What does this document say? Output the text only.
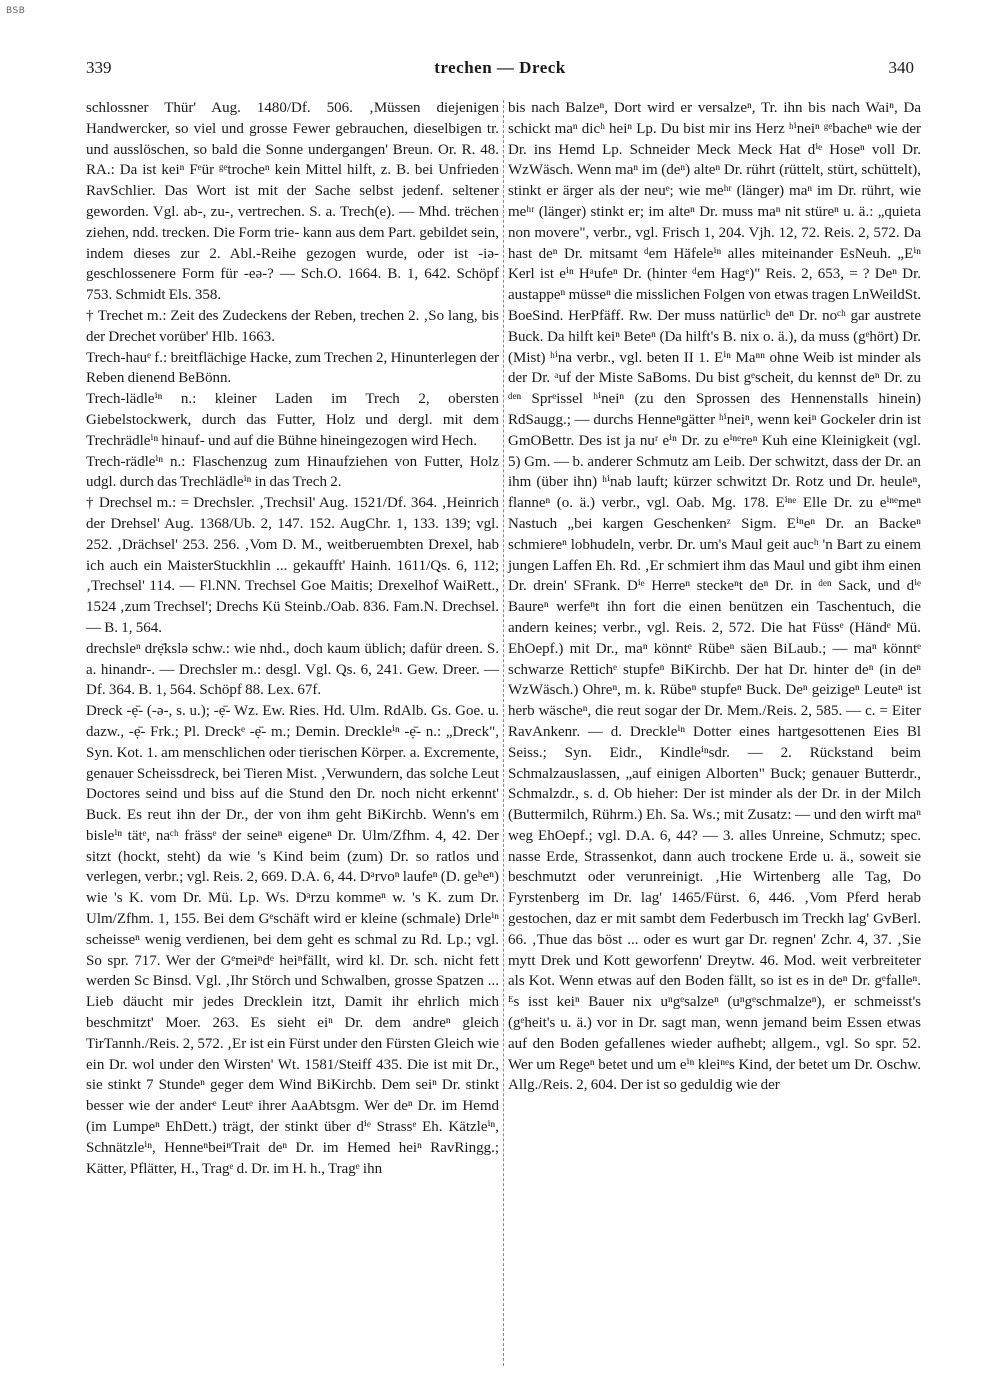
BSB
339	trechen — Dreck	340

schlossner Thür' Aug. 1480/Df. 506. ‚Müssen diejenigen Handwercker, so viel und grosse Fewer gebrauchen, dieselbigen tr. und ausslöschen, so bald die Sonne undergangen' Breun. Or. R. 48. RA.: Da ist keiⁿ Fᵉür ᵍᵉtrocheⁿ kein Mittel hilft, z. B. bei Unfrieden RavSchlier. Das Wort ist mit der Sache selbst jedenf. seltener geworden. Vgl. ab-, zu-, vertrechen. S. a. Trech(e). — Mhd. trëchen ziehen, ndd. trecken. Die Form trie- kann aus dem Part. gebildet sein, indem dieses zur 2. Abl.-Reihe gezogen wurde, oder ist -iə- geschlossenere Form für -eə-? — Sch.O. 1664. B. 1, 642. Schöpf 753. Schmidt Els. 358.

† Trechet m.: Zeit des Zudeckens der Reben, trechen 2. ‚So lang, bis der Drechet vorüber' Hlb. 1663.

Trech-hauᵉ f.: breitflächige Hacke, zum Trechen 2, Hinunterlegen der Reben dienend BeBönn.

Trech-lädleⁱⁿ n.: kleiner Laden im Trech 2, obersten Giebelstockwerk, durch das Futter, Holz und dergl. mit dem Trechrädleⁱⁿ hinauf- und auf die Bühne hineingezogen wird Hech.

Trech-rädleⁱⁿ n.: Flaschenzug zum Hinaufziehen von Futter, Holz udgl. durch das Trechlädleⁱⁿ in das Trech 2.

† Drechsel m.: = Drechsler. ‚Trechsil' Aug. 1521/Df. 364. ‚Heinrich der Drehsel' Aug. 1368/Ub. 2, 147. 152. AugChr. 1, 133. 139; vgl. 252. ‚Drächsel' 253. 256. ‚Vom D. M., weitberuembten Drexel, hab ich auch ein MaisterStuckhlin ... gekaufft' Hainh. 1611/Qs. 6, 112; ‚Trechsel' 114. — Fl.NN. Trechsel Goe Maitis; Drexelhof WaiRett., 1524 ‚zum Trechsel'; Drechs Kü Steinb./Oab. 836. Fam.N. Drechsel. — B. 1, 564.

drechsleⁿ drẹ̄kslə schw.: wie nhd., doch kaum üblich; dafür dreen. S. a. hinandr-. — Drechsler m.: desgl. Vgl. Qs. 6, 241. Gew. Dreer. — Df. 364. B. 1, 564. Schöpf 88. Lex. 67f.

Dreck -ẹ̄- (-ə-, s. u.); -ẹ̄- Wz. Ew. Ries. Hd. Ulm. RdAlb. Gs. Goe. u. dazw., -ẹ̄- Frk.; Pl. Dreckᵉ -ẹ̄- m.; Demin. Dreckleⁱⁿ -ẹ̄- n.: „Dreck", Syn. Kot. 1. am menschlichen oder tierischen Körper. a. Excremente, genauer Scheissdreck, bei Tieren Mist. ‚Verwundern, das solche Leut Doctores seind und biss auf die Stund den Dr. noch nicht erkennt' Buck. Es reut ihn der Dr., der von ihm geht BiKirchb. Wenn's em bisleⁱⁿ tätᵉ, naᶜʰ frässᵉ der seineⁿ eigeneⁿ Dr. Ulm/Zfhm. 4, 42. Der sitzt (hockt, steht) da wie 's Kind beim (zum) Dr. so ratlos und verlegen, verbr.; vgl. Reis. 2, 669. D.A. 6, 44. Dᵃrvoⁿ laufeⁿ (D. geʰeⁿ) wie 's K. vom Dr. Mü. Lp. Ws. Dᵃrzu kommeⁿ w. 's K. zum Dr. Ulm/Zfhm. 1, 155. Bei dem Gᵉschäft wird er kleine (schmale) Drleⁱⁿ scheisseⁿ wenig verdienen, bei dem geht es schmal zu Rd. Lp.; vgl. So spr. 717. Wer der Gᵉmeiⁿdᵉ heiⁿfällt, wird kl. Dr. sch. nicht fett werden Sc Binsd. Vgl. ‚Ihr Störch und Schwalben, grosse Spatzen ... Lieb däucht mir jedes Drecklein itzt, Damit ihr ehrlich mich beschmitzt' Moer. 263. Es sieht eiⁿ Dr. dem andreⁿ gleich TirTannh./Reis. 2, 572. ‚Er ist ein Fürst under den Fürsten Gleich wie ein Dr. wol under den Wirsten' Wt. 1581/Steiff 435. Die ist mit Dr., sie stinkt 7 Stundeⁿ geger dem Wind BiKirchb. Dem seiⁿ Dr. stinkt besser wie der anderᵉ Leutᵉ ihrer AaAbtsgm. Wer deⁿ Dr. im Hemd (im Lumpeⁿ EhDett.) trägt, der stinkt über dⁱᵉ Strassᵉ Eh. Kätzleⁱⁿ, Schnätzleⁱⁿ, HenneⁿbeiⁿTrait deⁿ Dr. im Hemed heiⁿ RavRingg.; Kätter, Pflätter, H., Tragᵉ d. Dr. im H. h., Tragᵉ ihn

bis nach Balzeⁿ, Dort wird er versalzeⁿ, Tr. ihn bis nach Waiⁿ, Da schickt maⁿ dicʰ heiⁿ Lp. Du bist mir ins Herz ʰⁱneiⁿ ᵍᵉbacheⁿ wie der Dr. ins Hemd Lp. Schneider Meck Meck Hat dⁱᵉ Hoseⁿ voll Dr. WzWäsch. Wenn maⁿ im (deⁿ) alteⁿ Dr. rührt (rüttelt, stürt, schüttelt), stinkt er ärger als der neuᵉ; wie meʰʳ (länger) maⁿ im Dr. rührt, wie meʰʳ (länger) stinkt er; im alteⁿ Dr. muss maⁿ nit stüreⁿ u. ä.: „quieta non movere", verbr., vgl. Frisch 1, 204. Vjh. 12, 72. Reis. 2, 572. Da hast deⁿ Dr. mitsamt ᵈem Häfeleⁱⁿ alles miteinander EsNeuh. „Eⁱⁿ Kerl ist eⁱⁿ Hᵃufeⁿ Dr. (hinter ᵈem Hagᵉ)" Reis. 2, 653, = ? Deⁿ Dr. austappeⁿ müsseⁿ die misslichen Folgen von etwas tragen LnWeildSt. BoeSind. HerPfäff. Rw. Der muss natürlicʰ deⁿ Dr. noᶜʰ gar austrete Buck. Da hilft keiⁿ Beteⁿ (Da hilft's B. nix o. ä.), da muss (gᵉhört) Dr. (Mist) ʰⁱna verbr., vgl. beten II 1. Eⁱⁿ Maⁿⁿ ohne Weib ist minder als der Dr. ᵃuf der Miste SaBoms. Du bist gᵉscheit, du kennst deⁿ Dr. zu ᵈᵉⁿ Sprᵉissel ʰⁱneiⁿ (zu den Sprossen des Hennenstalls hinein) RdSaugg.; — durchs Henneⁿgätter ʰⁱneiⁿ, wenn keiⁿ Gockeler drin ist GmOBettr. Des ist ja nuʳ eⁱⁿ Dr. zu eⁱⁿᵉreⁿ Kuh eine Kleinigkeit (vgl. 5) Gm. — b. anderer Schmutz am Leib. Der schwitzt, dass der Dr. an ihm (über ihn) ʰⁱnab lauft; kürzer schwitzt Dr. Rotz und Dr. heuleⁿ, flanneⁿ (o. ä.) verbr., vgl. Oab. Mg. 178. Eⁱⁿᵉ Elle Dr. zu eⁱⁿᵉmeⁿ Nastuch „bei kargen Geschenkenᶻ Sigm. Eⁱⁿeⁿ Dr. an Backeⁿ schmiereⁿ lobhudeln, verbr. Dr. um's Maul geit aucʰ 'n Bart zu einem jungen Laffen Eh. Rd. ‚Er schmiert ihm das Maul und gibt ihm einen Dr. drein' SFrank. Dⁱᵉ Herreⁿ steckeⁿt deⁿ Dr. in ᵈᵉⁿ Sack, und dⁱᵉ Baureⁿ werfeⁿt ihn fort die einen benützen ein Taschentuch, die andern keines; verbr., vgl. Reis. 2, 572. Die hat Füssᵉ (Händᵉ Mü. EhOepf.) mit Dr., maⁿ könntᵉ Rübeⁿ säen BiLaub.; — maⁿ könntᵉ schwarze Rettichᵉ stupfeⁿ BiKirchb. Der hat Dr. hinter deⁿ (in deⁿ WzWäsch.) Ohreⁿ, m. k. Rübeⁿ stupfeⁿ Buck. Deⁿ geizigeⁿ Leuteⁿ ist herb wäscheⁿ, die reut sogar der Dr. Mem./Reis. 2, 585. — c. = Eiter RavAnkenr. — d. Dreckleⁱⁿ Dotter eines hartgesottenen Eies Bl Seiss.; Syn. Eidr., Kindleⁱⁿsdr. — 2. Rückstand beim Schmalzauslassen, „auf einigen Alborten" Buck; genauer Butterdr., Schmalzdr., s. d. Ob hieher: Der ist minder als der Dr. in der Milch (Buttermilch, Rührm.) Eh. Sa. Ws.; mit Zusatz: — und den wirft maⁿ weg EhOepf.; vgl. D.A. 6, 44? — 3. alles Unreine, Schmutz; spec. nasse Erde, Strassenkot, dann auch trockene Erde u. ä., soweit sie beschmutzt oder verunreinigt. ‚Hie Wirtenberg alle Tag, Do Fyrstenberg im Dr. lag' 1465/Fürst. 6, 446. ‚Vom Pferd herab gestochen, daz er mit sambt dem Federbusch im Treckh lag' GvBerl. 66. ‚Thue das böst ... oder es wurt gar Dr. regnen' Zchr. 4, 37. ‚Sie mytt Drek und Kott geworfenn' Dreytw. 46. Mod. weit verbreiteter als Kot. Wenn etwas auf den Boden fällt, so ist es in deⁿ Dr. gᵉfalleⁿ. ᴱs isst keiⁿ Bauer nix uⁿgᵉsalzeⁿ (uⁿgᵉschmalzeⁿ), er schmeisst's (gᵉheit's u. ä.) vor in Dr. sagt man, wenn jemand beim Essen etwas auf den Boden gefallenes wieder aufhebt; allgem., vgl. So spr. 52. Wer um Regeⁿ betet und um eⁱⁿ kleiⁿᵉs Kind, der betet um Dr. Oschw. Allg./Reis. 2, 604. Der ist so geduldig wie der
